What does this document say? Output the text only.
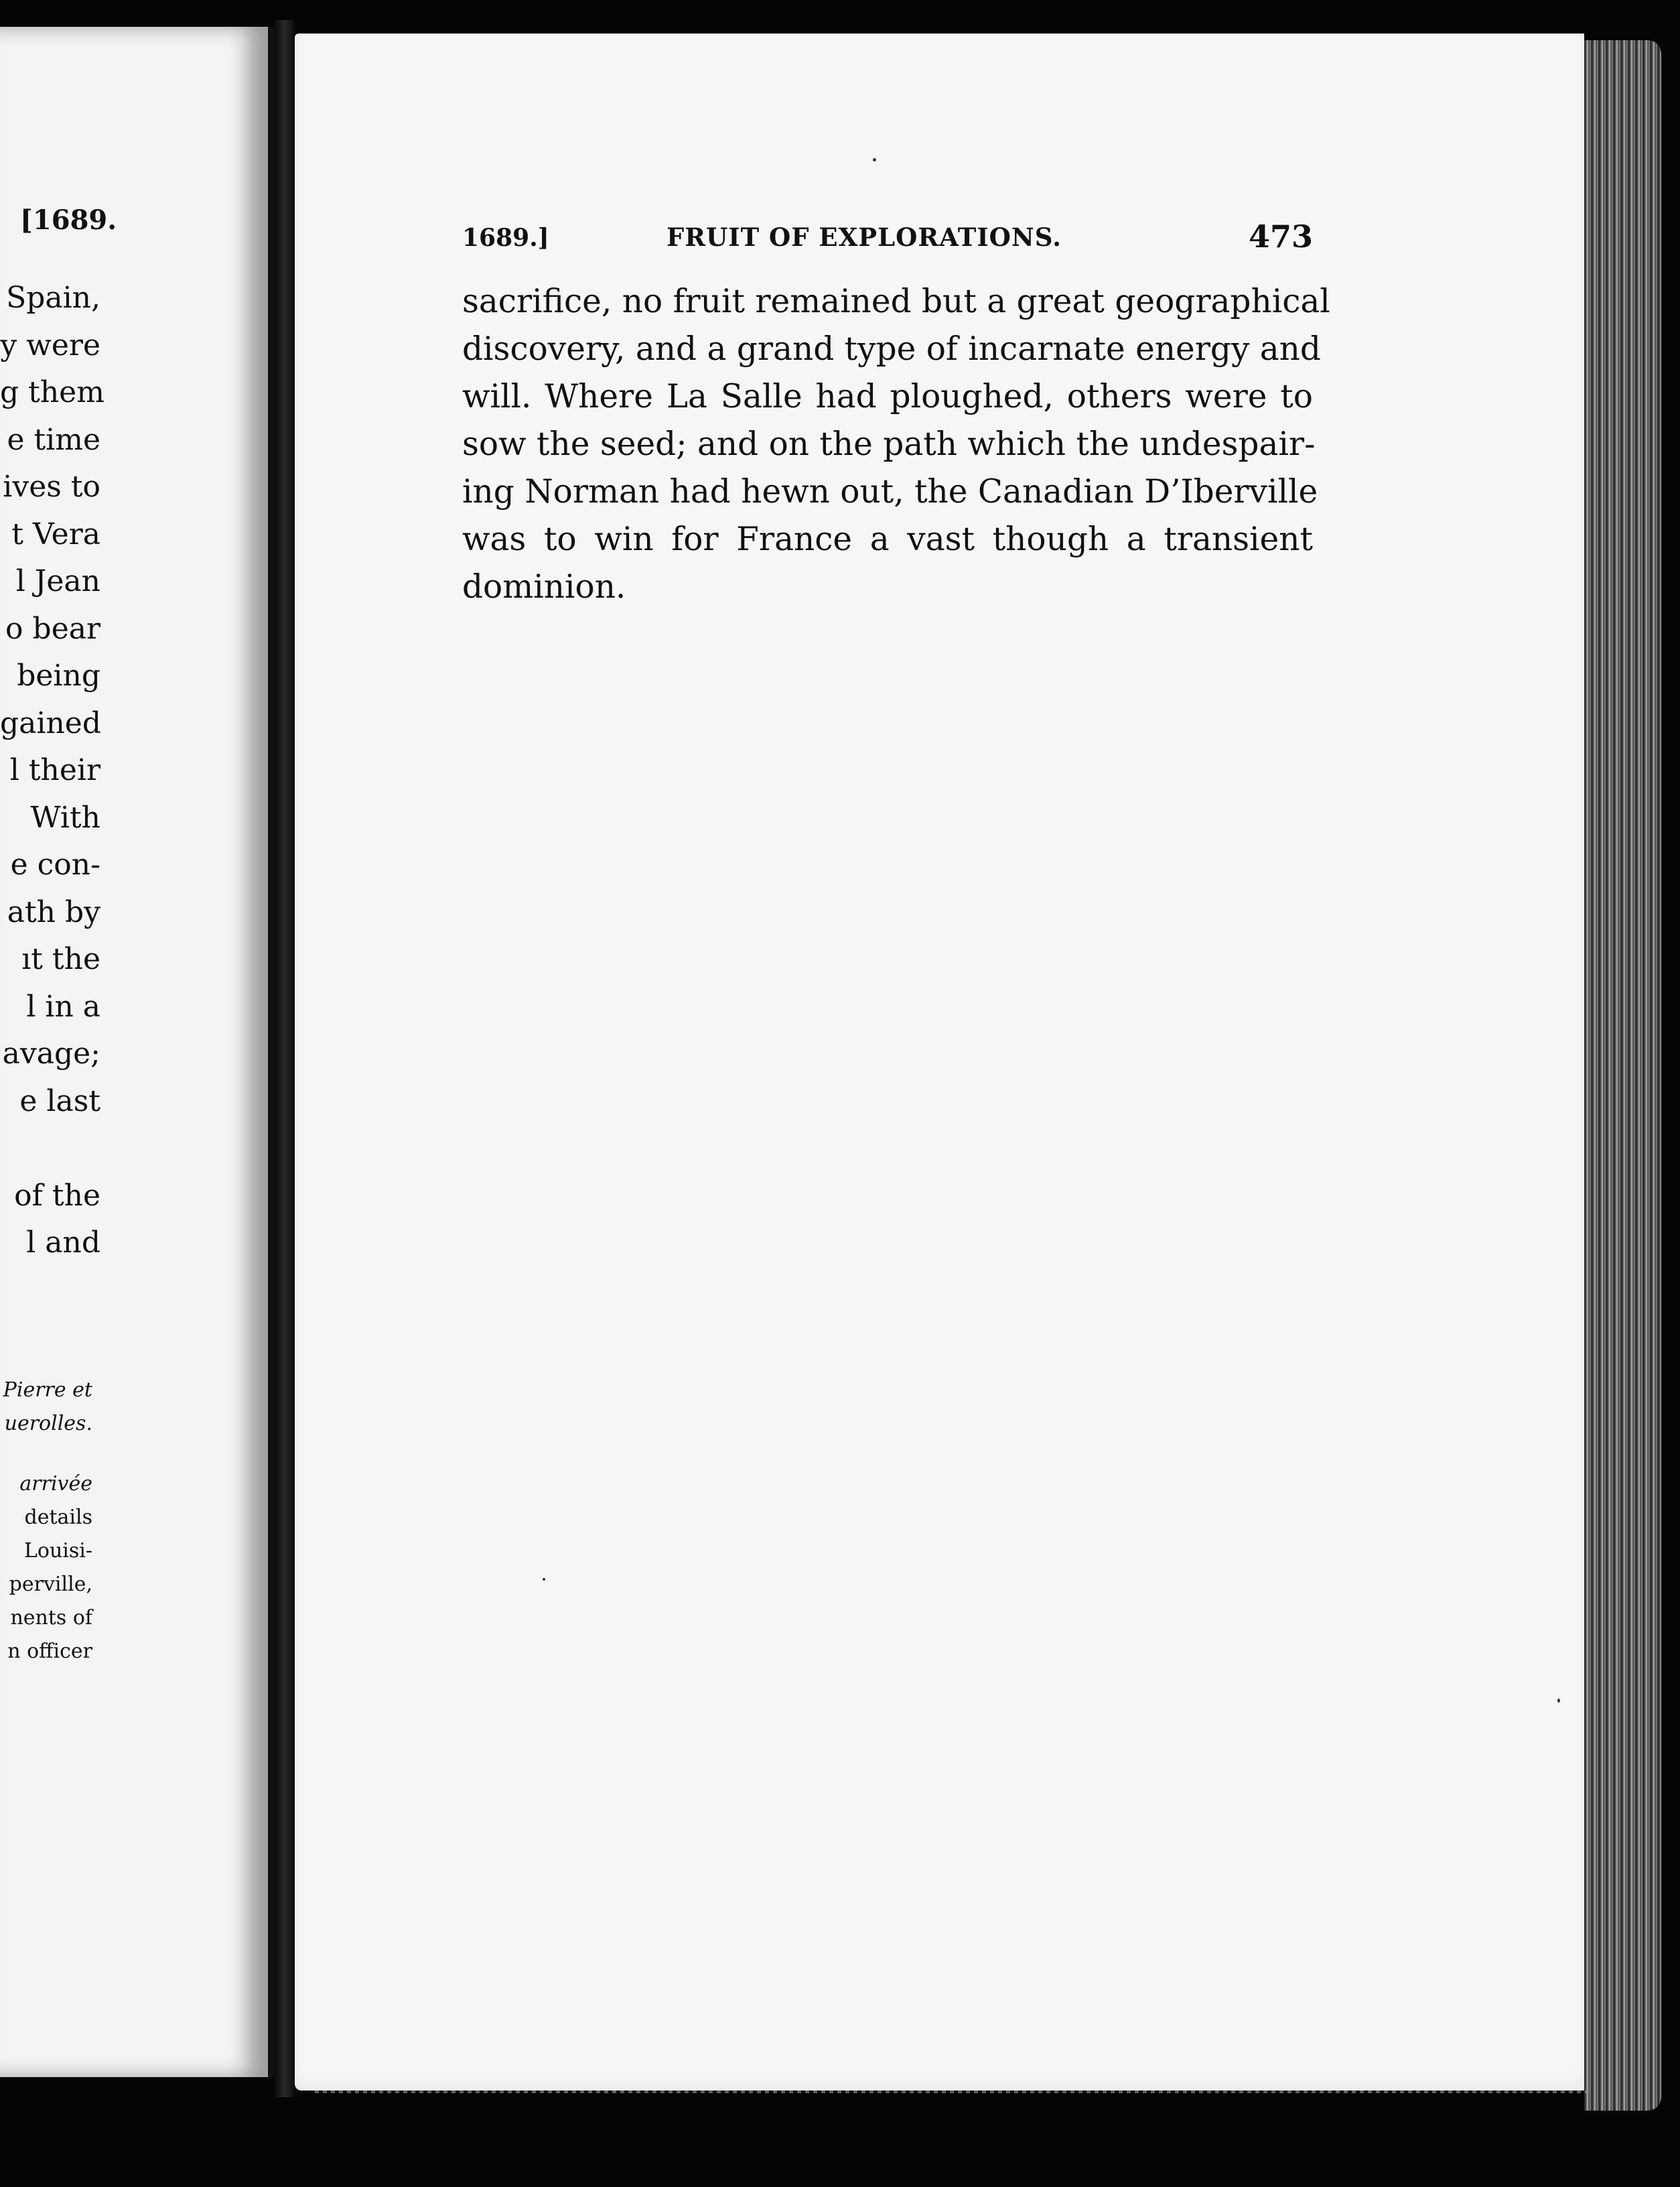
[1689.
Spain,
y were
g them
e time
ives to
t Vera
l Jean
o bear
being
gained
l their
With
e con-
ath by
ıt the
l in a
avage;
e last
of the
l and
Pierre et
uerolles.
arrivée
details
Louisi-
perville,
nents of
n officer
1689.]	FRUIT OF EXPLORATIONS.	473
sacrifice, no fruit remained but a great geographical
discovery, and a grand type of incarnate energy and
will. Where La Salle had ploughed, others were to
sow the seed; and on the path which the undespair-
ing Norman had hewn out, the Canadian D’Iberville
was to win for France a vast though a transient
dominion.
